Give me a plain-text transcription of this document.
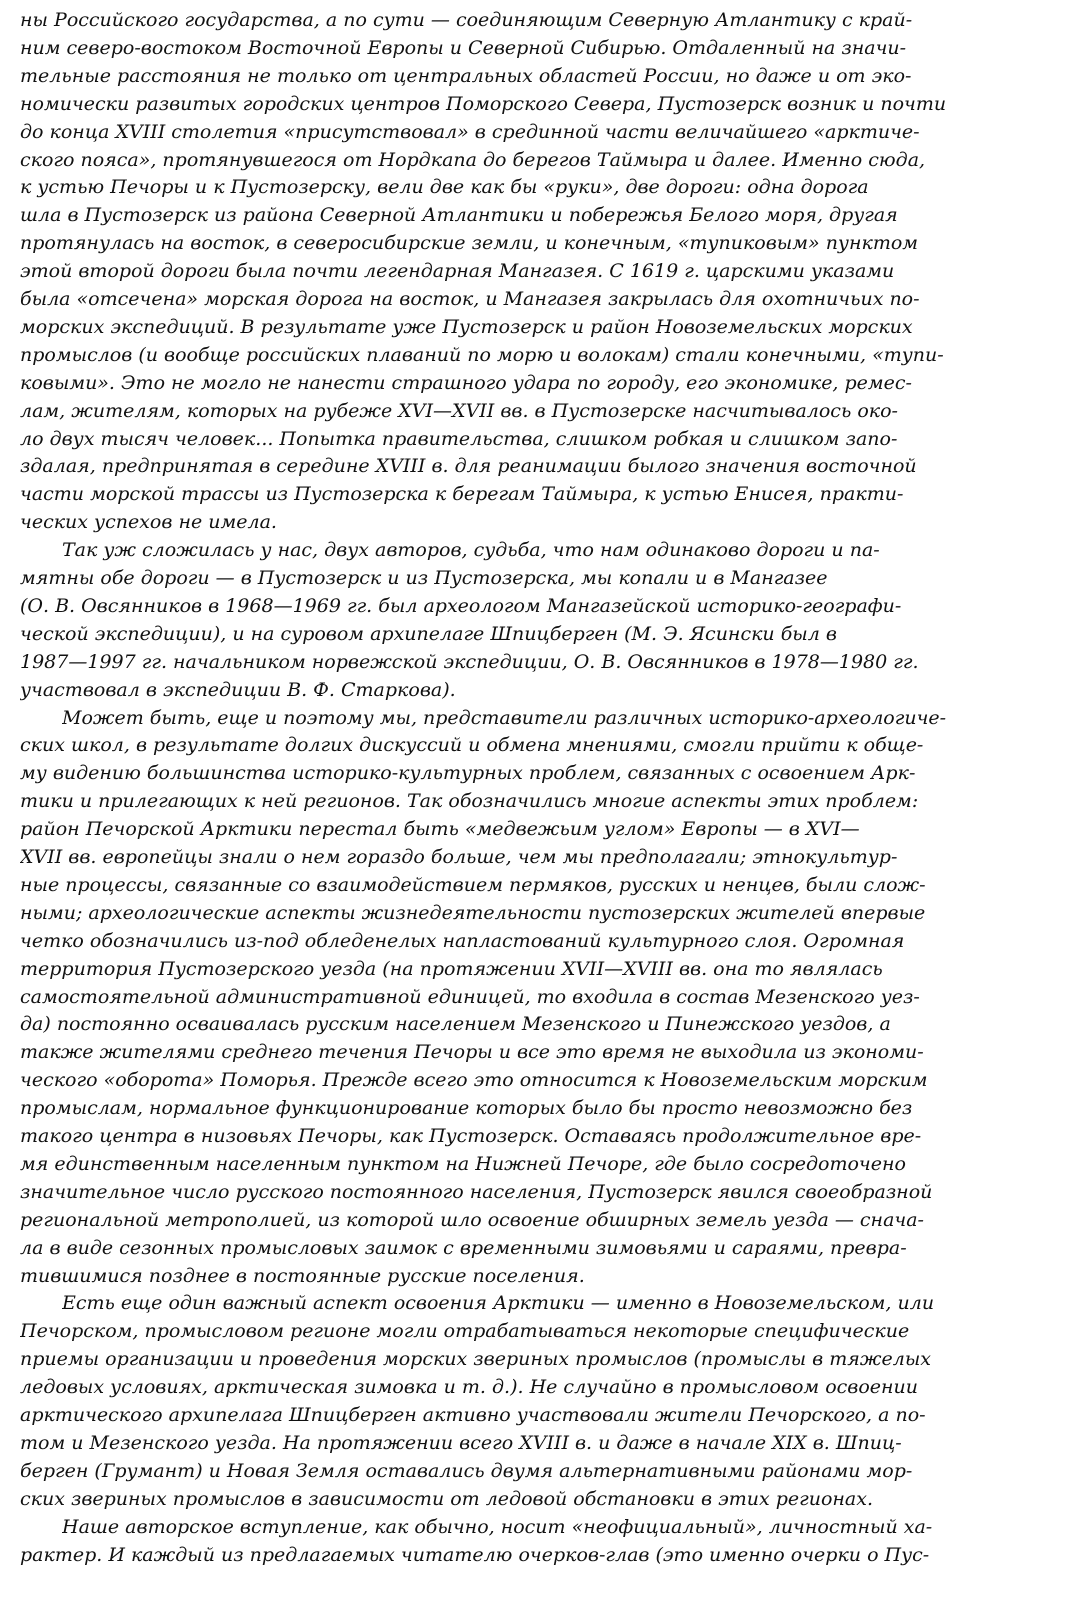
ны Российского государства, а по сути — соединяющим Северную Атлантику с край-
ним северо-востоком Восточной Европы и Северной Сибирью. Отдаленный на значи-
тельные расстояния не только от центральных областей России, но даже и от эко-
номически развитых городских центров Поморского Севера, Пустозерск возник и почти
до конца XVIII столетия «присутствовал» в срединной части величайшего «арктиче-
ского пояса», протянувшегося от Нордкапа до берегов Таймыра и далее. Именно сюда,
к устью Печоры и к Пустозерску, вели две как бы «руки», две дороги: одна дорога
шла в Пустозерск из района Северной Атлантики и побережья Белого моря, другая
протянулась на восток, в северосибирские земли, и конечным, «тупиковым» пунктом
этой второй дороги была почти легендарная Мангазея. С 1619 г. царскими указами
была «отсечена» морская дорога на восток, и Мангазея закрылась для охотничьих по-
морских экспедиций. В результате уже Пустозерск и район Новоземельских морских
промыслов (и вообще российских плаваний по морю и волокам) стали конечными, «тупи-
ковыми». Это не могло не нанести страшного удара по городу, его экономике, ремес-
лам, жителям, которых на рубеже XVI—XVII вв. в Пустозерске насчитывалось око-
ло двух тысяч человек... Попытка правительства, слишком робкая и слишком запо-
здалая, предпринятая в середине XVIII в. для реанимации былого значения восточной
части морской трассы из Пустозерска к берегам Таймыра, к устью Енисея, практи-
ческих успехов не имела.
Так уж сложилась у нас, двух авторов, судьба, что нам одинаково дороги и па-
мятны обе дороги — в Пустозерск и из Пустозерска, мы копали и в Мангазее
(О. В. Овсянников в 1968—1969 гг. был археологом Мангазейской историко-географи-
ческой экспедиции), и на суровом архипелаге Шпицберген (М. Э. Ясински был в
1987—1997 гг. начальником норвежской экспедиции, О. В. Овсянников в 1978—1980 гг.
участвовал в экспедиции В. Ф. Старкова).
Может быть, еще и поэтому мы, представители различных историко-археологиче-
ских школ, в результате долгих дискуссий и обмена мнениями, смогли прийти к обще-
му видению большинства историко-культурных проблем, связанных с освоением Арк-
тики и прилегающих к ней регионов. Так обозначились многие аспекты этих проблем:
район Печорской Арктики перестал быть «медвежьим углом» Европы — в XVI—
XVII вв. европейцы знали о нем гораздо больше, чем мы предполагали; этнокультур-
ные процессы, связанные со взаимодействием пермяков, русских и ненцев, были слож-
ными; археологические аспекты жизнедеятельности пустозерских жителей впервые
четко обозначились из-под обледенелых напластований культурного слоя. Огромная
территория Пустозерского уезда (на протяжении XVII—XVIII вв. она то являлась
самостоятельной административной единицей, то входила в состав Мезенского уез-
да) постоянно осваивалась русским населением Мезенского и Пинежского уездов, а
также жителями среднего течения Печоры и все это время не выходила из экономи-
ческого «оборота» Поморья. Прежде всего это относится к Новоземельским морским
промыслам, нормальное функционирование которых было бы просто невозможно без
такого центра в низовьях Печоры, как Пустозерск. Оставаясь продолжительное вре-
мя единственным населенным пунктом на Нижней Печоре, где было сосредоточено
значительное число русского постоянного населения, Пустозерск явился своеобразной
региональной метрополией, из которой шло освоение обширных земель уезда — снача-
ла в виде сезонных промысловых заимок с временными зимовьями и сараями, превра-
тившимися позднее в постоянные русские поселения.
Есть еще один важный аспект освоения Арктики — именно в Новоземельском, или
Печорском, промысловом регионе могли отрабатываться некоторые специфические
приемы организации и проведения морских звериных промыслов (промыслы в тяжелых
ледовых условиях, арктическая зимовка и т. д.). Не случайно в промысловом освоении
арктического архипелага Шпицберген активно участвовали жители Печорского, а по-
том и Мезенского уезда. На протяжении всего XVIII в. и даже в начале XIX в. Шпиц-
берген (Грумант) и Новая Земля оставались двумя альтернативными районами мор-
ских звериных промыслов в зависимости от ледовой обстановки в этих регионах.
Наше авторское вступление, как обычно, носит «неофициальный», личностный ха-
рактер. И каждый из предлагаемых читателю очерков-глав (это именно очерки о Пус-
